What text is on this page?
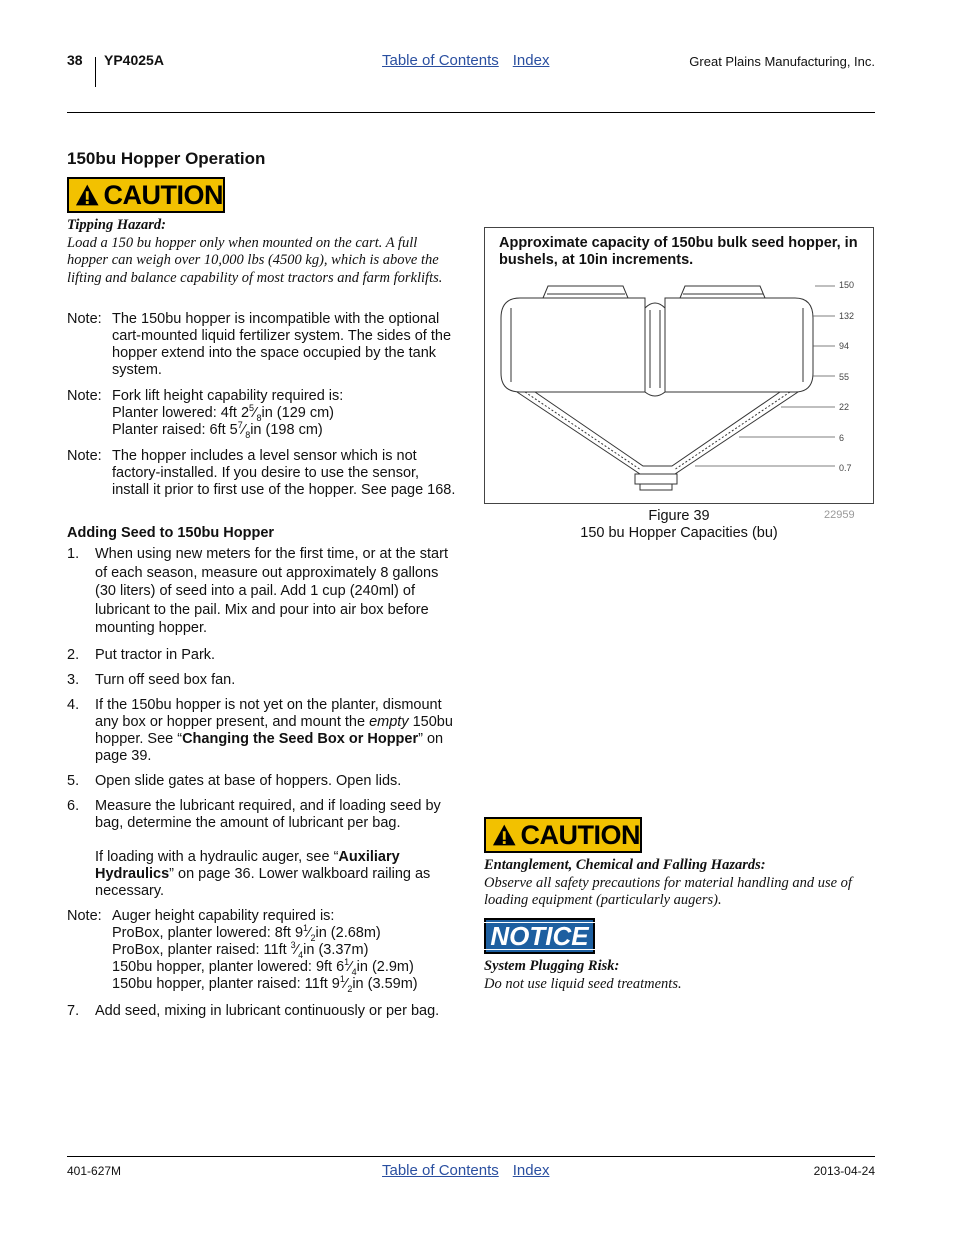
38 YP4025A	Table of Contents Index	Great Plains Manufacturing, Inc.
150bu Hopper Operation
CAUTION
Tipping Hazard:
Load a 150 bu hopper only when mounted on the cart. A full hopper can weigh over 10,000 lbs (4500 kg), which is above the lifting and balance capability of most tractors and farm forklifts.
Note: The 150bu hopper is incompatible with the optional cart-mounted liquid fertilizer system. The sides of the hopper extend into the space occupied by the tank system.
Note: Fork lift height capability required is:
Planter lowered: 4ft $2^5⁄_8in$ (129 cm)
Planter raised: 6ft $5^7⁄_8in$ (198 cm)
Note: The hopper includes a level sensor which is not factory-installed. If you desire to use the sensor, install it prior to first use of the hopper. See page 168.
Adding Seed to 150bu Hopper
1. When using new meters for the first time, or at the start of each season, measure out approximately 8 gallons (30 liters) of seed into a pail. Add 1 cup (240ml) of lubricant to the pail. Mix and pour into air box before mounting hopper.
2. Put tractor in Park.
3. Turn off seed box fan.
4. If the 150bu hopper is not yet on the planter, dismount any box or hopper present, and mount the empty 150bu hopper. See “Changing the Seed Box or Hopper” on page 39.
5. Open slide gates at base of hoppers. Open lids.
6. Measure the lubricant required, and if loading seed by bag, determine the amount of lubricant per bag.
If loading with a hydraulic auger, see “Auxiliary Hydraulics” on page 36. Lower walkboard railing as necessary.
Note: Auger height capability required is:
ProBox, planter lowered: 8ft $9^1⁄_2in$ (2.68m)
ProBox, planter raised: 11ft $^3⁄_4in$ (3.37m)
150bu hopper, planter lowered: 9ft $6^1⁄_4in$ (2.9m)
150bu hopper, planter raised: 11ft $9^1⁄_2in$ (3.59m)
7. Add seed, mixing in lubricant continuously or per bag.
Approximate capacity of 150bu bulk seed hopper, in bushels, at 10in increments.
150
132
94
55
22
6
0.7
Figure 39
150 bu Hopper Capacities (bu)
22959
CAUTION
Entanglement, Chemical and Falling Hazards:
Observe all safety precautions for material handling and use of loading equipment (particularly augers).
NOTICE
System Plugging Risk:
Do not use liquid seed treatments.
401-627M	Table of Contents Index	2013-04-24
